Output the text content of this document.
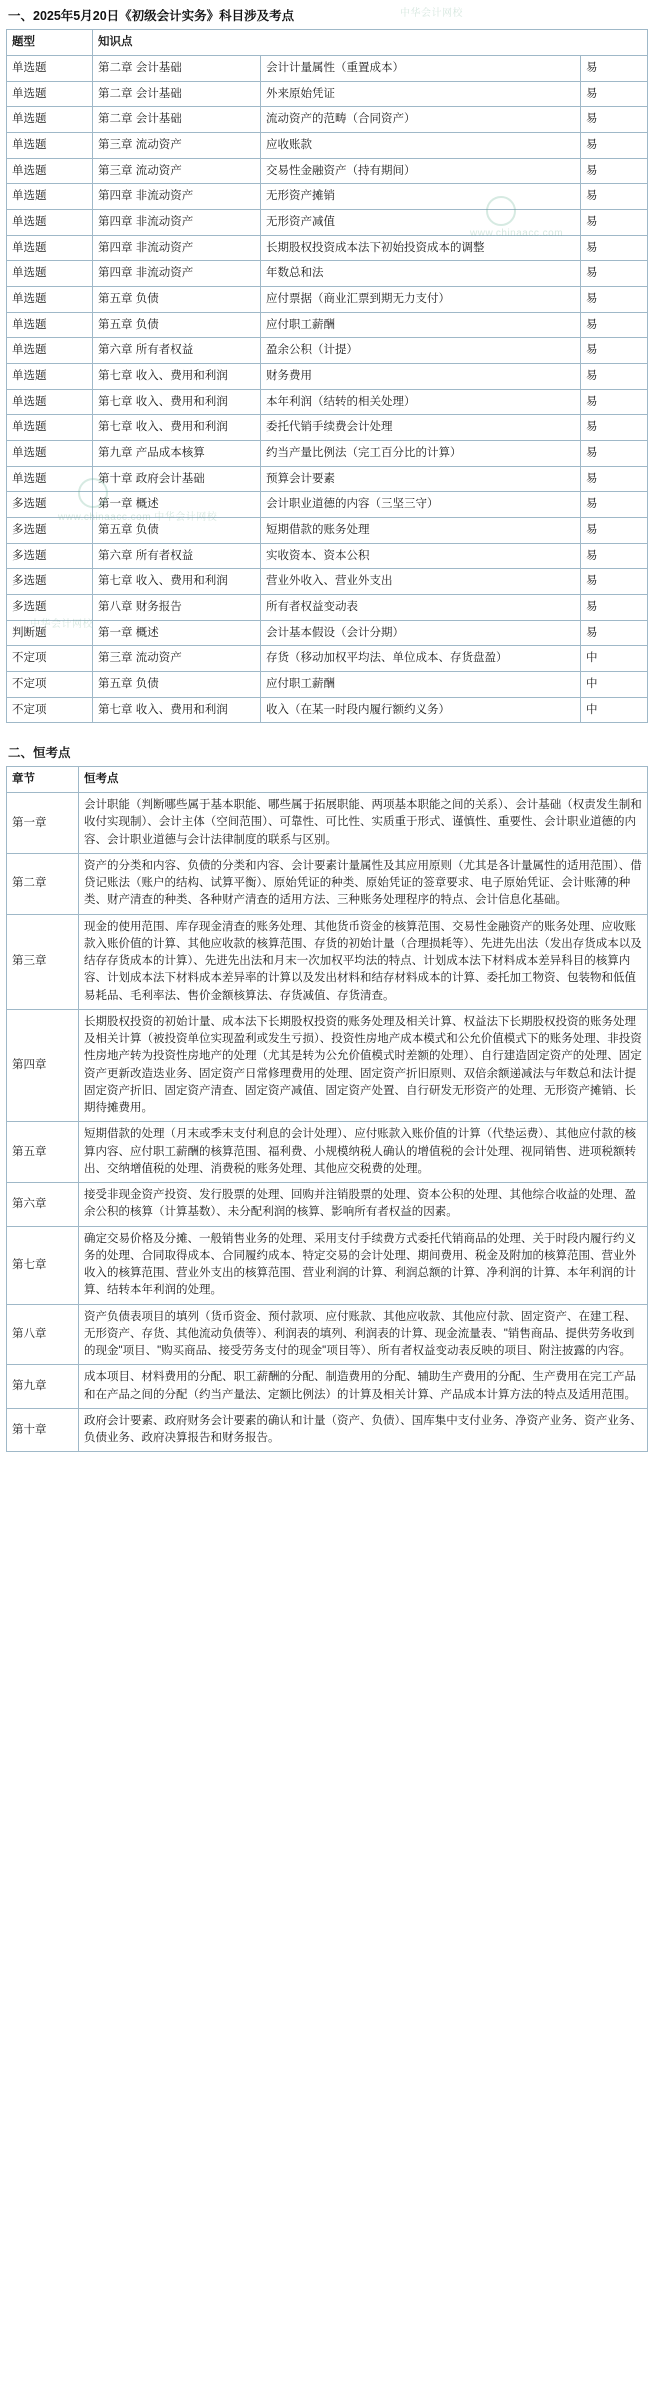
www.chinaacc.com 中华会计网校
www.chinaacc.com
中华会计网校
中华会计网校
一、2025年5月20日《初级会计实务》科目涉及考点
题型	知识点		
单选题	第二章 会计基础	会计计量属性（重置成本）	易
单选题	第二章 会计基础	外来原始凭证	易
单选题	第二章 会计基础	流动资产的范畴（合同资产）	易
单选题	第三章 流动资产	应收账款	易
单选题	第三章 流动资产	交易性金融资产（持有期间）	易
单选题	第四章 非流动资产	无形资产摊销	易
单选题	第四章 非流动资产	无形资产减值	易
单选题	第四章 非流动资产	长期股权投资成本法下初始投资成本的调整	易
单选题	第四章 非流动资产	年数总和法	易
单选题	第五章 负债	应付票据（商业汇票到期无力支付）	易
单选题	第五章 负债	应付职工薪酬	易
单选题	第六章 所有者权益	盈余公积（计提）	易
单选题	第七章 收入、费用和利润	财务费用	易
单选题	第七章 收入、费用和利润	本年利润（结转的相关处理）	易
单选题	第七章 收入、费用和利润	委托代销手续费会计处理	易
单选题	第九章 产品成本核算	约当产量比例法（完工百分比的计算）	易
单选题	第十章 政府会计基础	预算会计要素	易
多选题	第一章 概述	会计职业道德的内容（三坚三守）	易
多选题	第五章 负债	短期借款的账务处理	易
多选题	第六章 所有者权益	实收资本、资本公积	易
多选题	第七章 收入、费用和利润	营业外收入、营业外支出	易
多选题	第八章 财务报告	所有者权益变动表	易
判断题	第一章 概述	会计基本假设（会计分期）	易
不定项	第三章 流动资产	存货（移动加权平均法、单位成本、存货盘盈）	中
不定项	第五章 负债	应付职工薪酬	中
不定项	第七章 收入、费用和利润	收入（在某一时段内履行额约义务）	中
二、恒考点
章节	恒考点
第一章	会计职能（判断哪些属于基本职能、哪些属于拓展职能、两项基本职能之间的关系）、会计基础（权责发生制和收付实现制）、会计主体（空间范围）、可靠性、可比性、实质重于形式、谨慎性、重要性、会计职业道德的内容、会计职业道德与会计法律制度的联系与区别。
第二章	资产的分类和内容、负债的分类和内容、会计要素计量属性及其应用原则（尤其是各计量属性的适用范围）、借贷记账法（账户的结构、试算平衡）、原始凭证的种类、原始凭证的签章要求、电子原始凭证、会计账薄的种类、财产清查的种类、各种财产清查的适用方法、三种账务处理程序的特点、会计信息化基础。
第三章	现金的使用范围、库存现金清查的账务处理、其他货币资金的核算范围、交易性金融资产的账务处理、应收账款入账价值的计算、其他应收款的核算范围、存货的初始计量（合理损耗等）、先进先出法（发出存货成本以及结存存货成本的计算）、先进先出法和月末一次加权平均法的特点、计划成本法下材料成本差异科目的核算内容、计划成本法下材料成本差异率的计算以及发出材料和结存材料成本的计算、委托加工物资、包装物和低值易耗品、毛利率法、售价金额核算法、存货减值、存货清查。
第四章	长期股权投资的初始计量、成本法下长期股权投资的账务处理及相关计算、权益法下长期股权投资的账务处理及相关计算（被投资单位实现盈利或发生亏损）、投资性房地产成本模式和公允价值模式下的账务处理、非投资性房地产转为投资性房地产的处理（尤其是转为公允价值模式时差额的处理）、自行建造固定资产的处理、固定资产更新改造迭业务、固定资产日常修理费用的处理、固定资产折旧原则、双倍余额递减法与年数总和法计提固定资产折旧、固定资产清查、固定资产减值、固定资产处置、自行研发无形资产的处理、无形资产摊销、长期待摊费用。
第五章	短期借款的处理（月末或季末支付利息的会计处理）、应付账款入账价值的计算（代垫运费）、其他应付款的核算内容、应付职工薪酬的核算范围、福利费、小规模纳税人确认的增值税的会计处理、视同销售、进项税额转出、交纳增值税的处理、消费税的账务处理、其他应交税费的处理。
第六章	接受非现金资产投资、发行股票的处理、回购并注销股票的处理、资本公积的处理、其他综合收益的处理、盈余公积的核算（计算基数）、未分配利润的核算、影响所有者权益的因素。
第七章	确定交易价格及分摊、一般销售业务的处理、采用支付手续费方式委托代销商品的处理、关于时段内履行约义务的处理、合同取得成本、合同履约成本、特定交易的会计处理、期间费用、税金及附加的核算范围、营业外收入的核算范围、营业外支出的核算范围、营业利润的计算、利润总额的计算、净利润的计算、本年利润的计算、结转本年利润的处理。
第八章	资产负债表项目的填列（货币资金、预付款项、应付账款、其他应收款、其他应付款、固定资产、在建工程、无形资产、存货、其他流动负债等）、利润表的填列、利润表的计算、现金流量表、"销售商品、提供劳务收到的现金"项目、"购买商品、接受劳务支付的现金"项目等）、所有者权益变动表反映的项目、附注披露的内容。
第九章	成本项目、材料费用的分配、职工薪酬的分配、制造费用的分配、辅助生产费用的分配、生产费用在完工产品和在产品之间的分配（约当产量法、定额比例法）的计算及相关计算、产品成本计算方法的特点及适用范围。
第十章	政府会计要素、政府财务会计要素的确认和计量（资产、负债）、国库集中支付业务、净资产业务、资产业务、负债业务、政府决算报告和财务报告。
